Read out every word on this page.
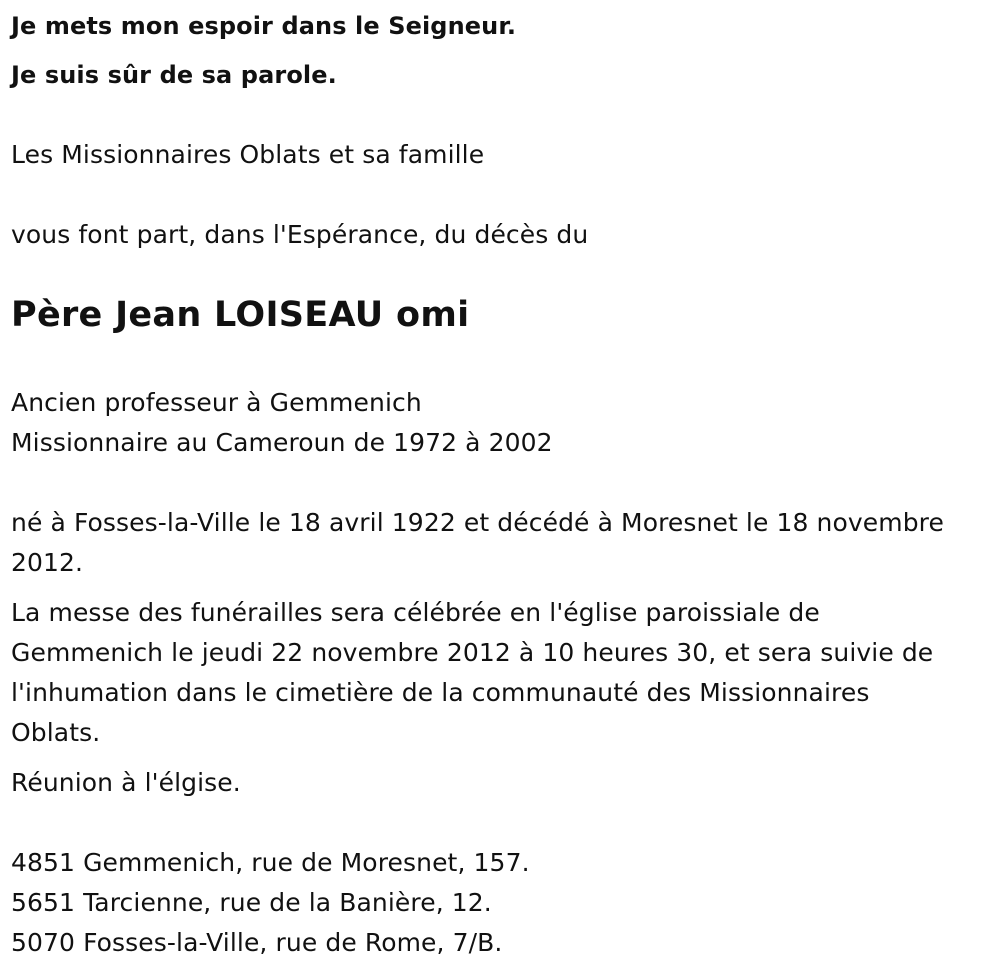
Je mets mon espoir dans le Seigneur.
Je suis sûr de sa parole.
Les Missionnaires Oblats et sa famille
vous font part, dans l'Espérance, du décès du
Père Jean LOISEAU omi
Ancien professeur à Gemmenich
Missionnaire au Cameroun de 1972 à 2002
né à Fosses-la-Ville le 18 avril 1922 et décédé à Moresnet le 18 novembre
2012.
La messe des funérailles sera célébrée en l'église paroissiale de
Gemmenich le jeudi 22 novembre 2012 à 10 heures 30, et sera suivie de
l'inhumation dans le cimetière de la communauté des Missionnaires
Oblats.
Réunion à l'élgise.
4851 Gemmenich, rue de Moresnet, 157.
5651 Tarcienne, rue de la Banière, 12.
5070 Fosses-la-Ville, rue de Rome, 7/B.
